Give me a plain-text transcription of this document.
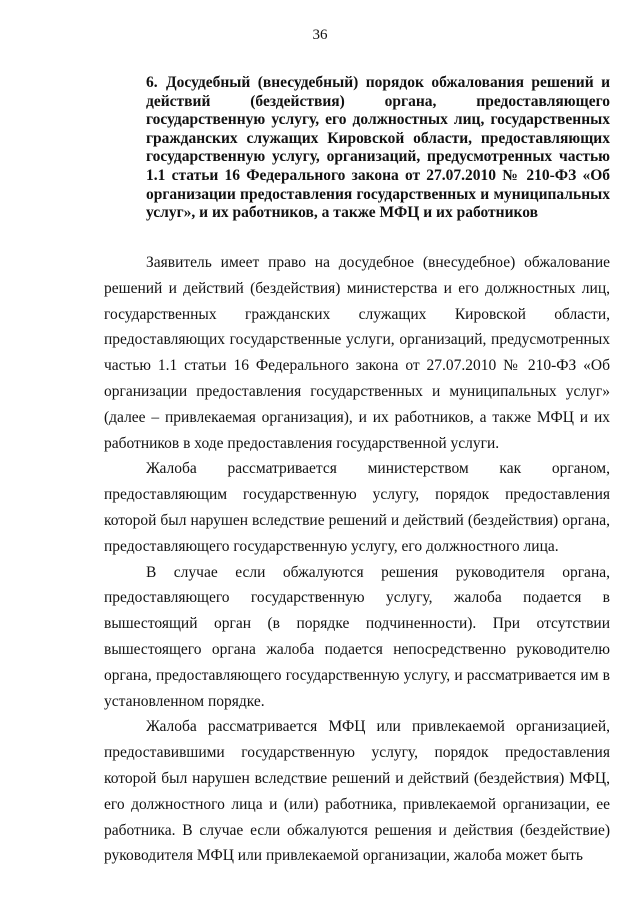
36
6. Досудебный (внесудебный) порядок обжалования решений и действий (бездействия) органа, предоставляющего государственную услугу, его должностных лиц, государственных гражданских служащих Кировской области, предоставляющих государственную услугу, организаций, предусмотренных частью 1.1 статьи 16 Федерального закона от 27.07.2010 № 210-ФЗ «Об организации предоставления государственных и муниципальных услуг», и их работников, а также МФЦ и их работников

Заявитель имеет право на досудебное (внесудебное) обжалование решений и действий (бездействия) министерства и его должностных лиц, государственных гражданских служащих Кировской области, предоставляющих государственные услуги, организаций, предусмотренных частью 1.1 статьи 16 Федерального закона от 27.07.2010 № 210-ФЗ «Об организации предоставления государственных и муниципальных услуг» (далее – привлекаемая организация), и их работников, а также МФЦ и их работников в ходе предоставления государственной услуги.

Жалоба рассматривается министерством как органом, предоставляющим государственную услугу, порядок предоставления которой был нарушен вследствие решений и действий (бездействия) органа, предоставляющего государственную услугу, его должностного лица.

В случае если обжалуются решения руководителя органа, предоставляющего государственную услугу, жалоба подается в вышестоящий орган (в порядке подчиненности). При отсутствии вышестоящего органа жалоба подается непосредственно руководителю органа, предоставляющего государственную услугу, и рассматривается им в установленном порядке.

Жалоба рассматривается МФЦ или привлекаемой организацией, предоставившими государственную услугу, порядок предоставления которой был нарушен вследствие решений и действий (бездействия) МФЦ, его должностного лица и (или) работника, привлекаемой организации, ее работника. В случае если обжалуются решения и действия (бездействие) руководителя МФЦ или привлекаемой организации, жалоба может быть
